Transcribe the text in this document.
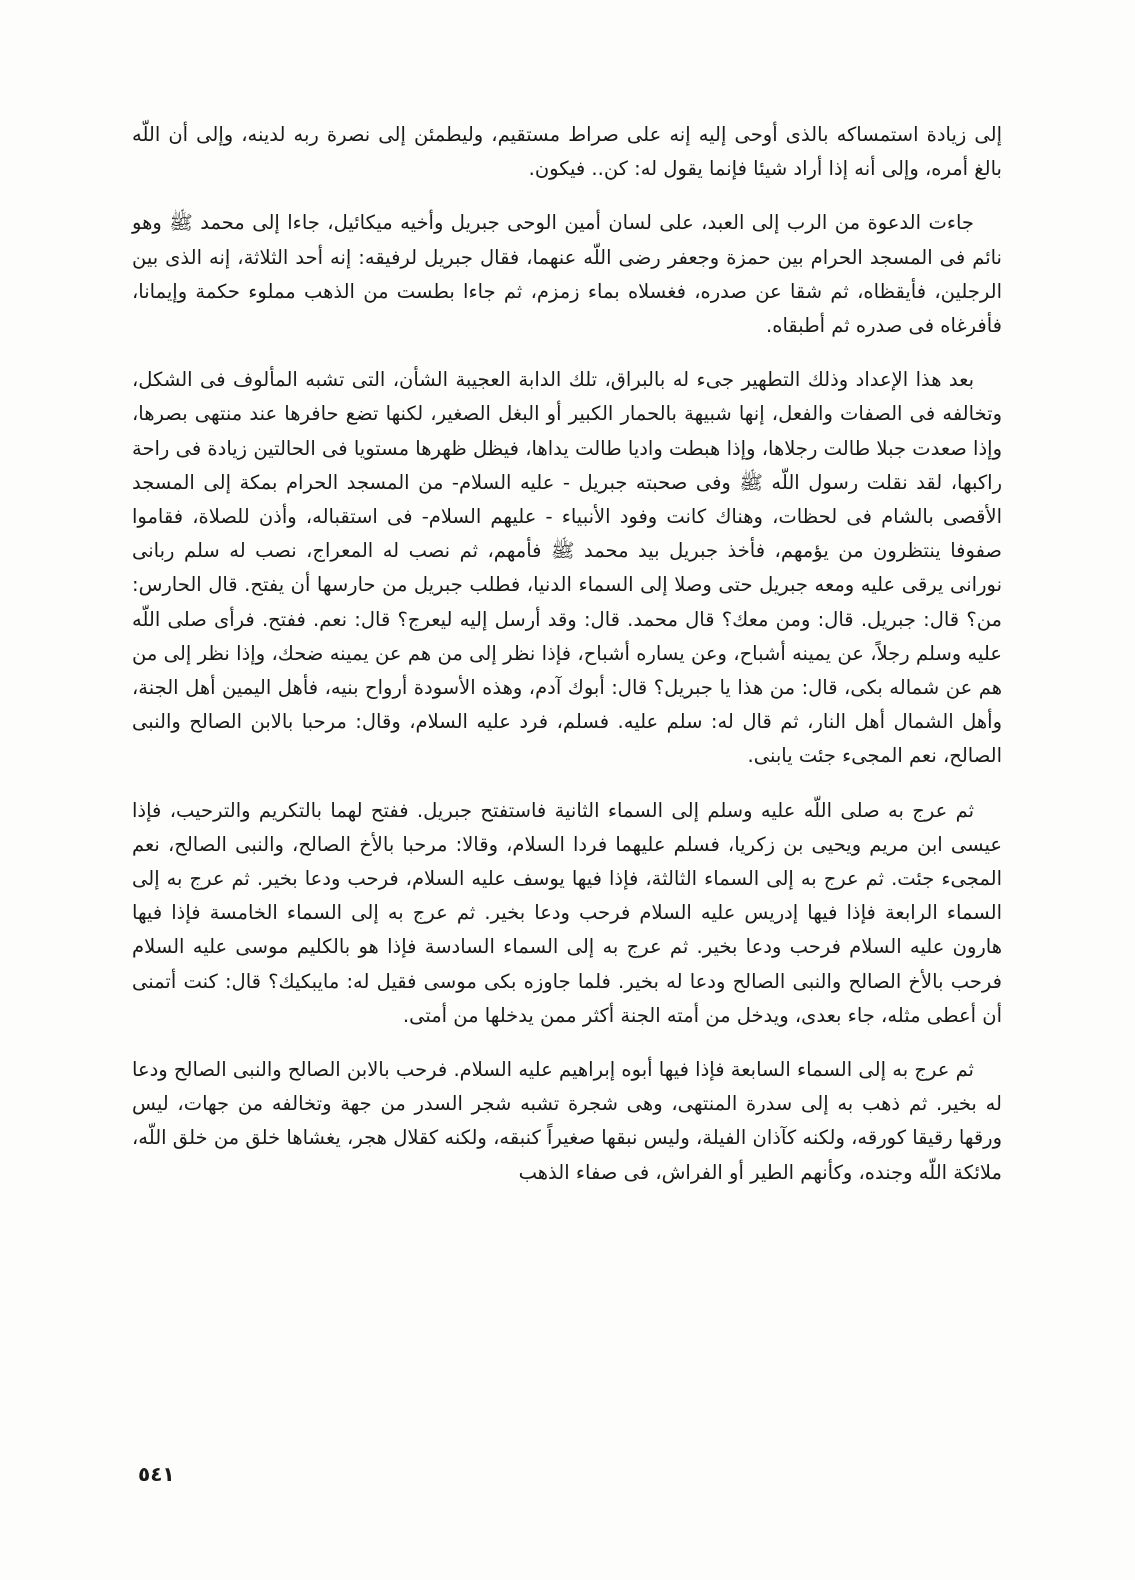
إلى زيادة استمساكه بالذى أوحى إليه إنه على صراط مستقيم، وليطمئن إلى نصرة ربه لدينه، وإلى أن اللّه بالغ أمره، وإلى أنه إذا أراد شيئا فإنما يقول له: كن.. فيكون.

جاءت الدعوة من الرب إلى العبد، على لسان أمين الوحى جبريل وأخيه ميكائيل، جاءا إلى محمد ﷺ وهو نائم فى المسجد الحرام بين حمزة وجعفر رضى اللّه عنهما، فقال جبريل لرفيقه: إنه أحد الثلاثة، إنه الذى بين الرجلين، فأيقظاه، ثم شقا عن صدره، فغسلاه بماء زمزم، ثم جاءا بطست من الذهب مملوء حكمة وإيمانا، فأفرغاه فى صدره ثم أطبقاه.

بعد هذا الإعداد وذلك التطهير جىء له بالبراق، تلك الدابة العجيبة الشأن، التى تشبه المألوف فى الشكل، وتخالفه فى الصفات والفعل، إنها شبيهة بالحمار الكبير أو البغل الصغير، لكنها تضع حافرها عند منتهى بصرها، وإذا صعدت جبلا طالت رجلاها، وإذا هبطت واديا طالت يداها، فيظل ظهرها مستويا فى الحالتين زيادة فى راحة راكبها، لقد نقلت رسول اللّه ﷺ وفى صحبته جبريل - عليه السلام- من المسجد الحرام بمكة إلى المسجد الأقصى بالشام فى لحظات، وهناك كانت وفود الأنبياء - عليهم السلام- فى استقباله، وأذن للصلاة، فقاموا صفوفا ينتظرون من يؤمهم، فأخذ جبريل بيد محمد ﷺ فأمهم، ثم نصب له المعراج، نصب له سلم ربانى نورانى يرقى عليه ومعه جبريل حتى وصلا إلى السماء الدنيا، فطلب جبريل من حارسها أن يفتح. قال الحارس: من؟ قال: جبريل. قال: ومن معك؟ قال محمد. قال: وقد أرسل إليه ليعرج؟ قال: نعم. ففتح. فرأى صلى اللّه عليه وسلم رجلاً، عن يمينه أشباح، وعن يساره أشباح، فإذا نظر إلى من هم عن يمينه ضحك، وإذا نظر إلى من هم عن شماله بكى، قال: من هذا يا جبريل؟ قال: أبوك آدم، وهذه الأسودة أرواح بنيه، فأهل اليمين أهل الجنة، وأهل الشمال أهل النار، ثم قال له: سلم عليه. فسلم، فرد عليه السلام، وقال: مرحبا بالابن الصالح والنبى الصالح، نعم المجىء جئت يابنى.

ثم عرج به صلى اللّه عليه وسلم إلى السماء الثانية فاستفتح جبريل. ففتح لهما بالتكريم والترحيب، فإذا عيسى ابن مريم ويحيى بن زكريا، فسلم عليهما فردا السلام، وقالا: مرحبا بالأخ الصالح، والنبى الصالح، نعم المجىء جئت. ثم عرج به إلى السماء الثالثة، فإذا فيها يوسف عليه السلام، فرحب ودعا بخير. ثم عرج به إلى السماء الرابعة فإذا فيها إدريس عليه السلام فرحب ودعا بخير. ثم عرج به إلى السماء الخامسة فإذا فيها هارون عليه السلام فرحب ودعا بخير. ثم عرج به إلى السماء السادسة فإذا هو بالكليم موسى عليه السلام فرحب بالأخ الصالح والنبى الصالح ودعا له بخير. فلما جاوزه بكى موسى فقيل له: مايبكيك؟ قال: كنت أتمنى أن أعطى مثله، جاء بعدى، ويدخل من أمته الجنة أكثر ممن يدخلها من أمتى.

ثم عرج به إلى السماء السابعة فإذا فيها أبوه إبراهيم عليه السلام. فرحب بالابن الصالح والنبى الصالح ودعا له بخير. ثم ذهب به إلى سدرة المنتهى، وهى شجرة تشبه شجر السدر من جهة وتخالفه من جهات، ليس ورقها رقيقا كورقه، ولكنه كآذان الفيلة، وليس نبقها صغيراً كنبقه، ولكنه كقلال هجر، يغشاها خلق من خلق اللّه، ملائكة اللّه وجنده، وكأنهم الطير أو الفراش، فى صفاء الذهب

٥٤١
